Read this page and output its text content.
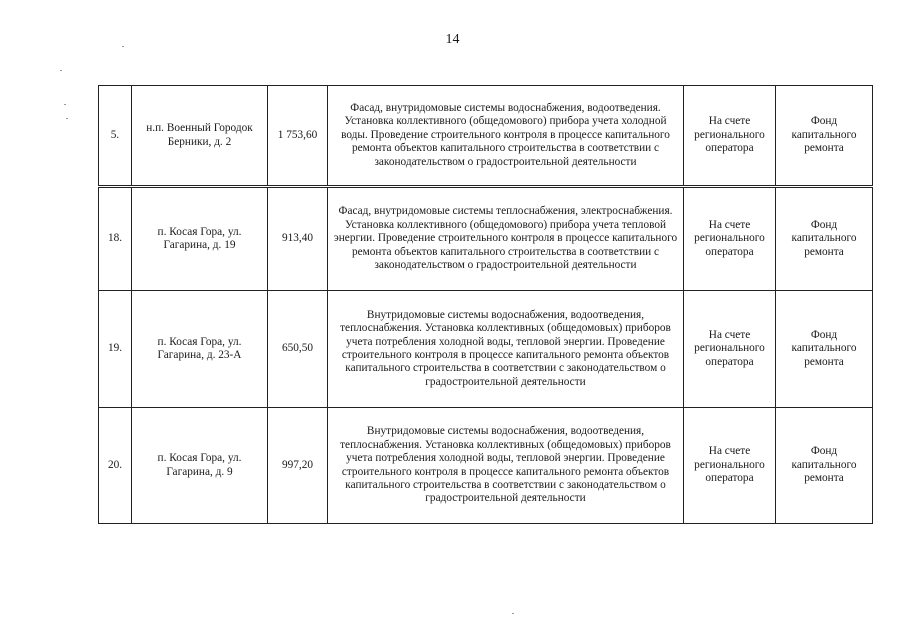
14
5.	н.п. Военный Городок Берники, д. 2	1 753,60	Фасад, внутридомовые системы водоснабжения, водоотведения. Установка коллективного (общедомового) прибора учета холодной воды. Проведение строительного контроля в процессе капитального ремонта объектов капитального строительства в соответствии с законодательством о градостроительной деятельности	На счете регионального оператора	Фонд капитального ремонта
18.	п. Косая Гора, ул. Гагарина, д. 19	913,40	Фасад, внутридомовые системы теплоснабжения, электроснабжения. Установка коллективного (общедомового) прибора учета тепловой энергии. Проведение строительного контроля в процессе капитального ремонта объектов капитального строительства в соответствии с законодательством о градостроительной деятельности	На счете регионального оператора	Фонд капитального ремонта
19.	п. Косая Гора, ул. Гагарина, д. 23-А	650,50	Внутридомовые системы водоснабжения, водоотведения, теплоснабжения. Установка коллективных (общедомовых) приборов учета потребления холодной воды, тепловой энергии. Проведение строительного контроля в процессе капитального ремонта объектов капитального строительства в соответствии с законодательством о градостроительной деятельности	На счете регионального оператора	Фонд капитального ремонта
20.	п. Косая Гора, ул. Гагарина, д. 9	997,20	Внутридомовые системы водоснабжения, водоотведения, теплоснабжения. Установка коллективных (общедомовых) приборов учета потребления холодной воды, тепловой энергии. Проведение строительного контроля в процессе капитального ремонта объектов капитального строительства в соответствии с законодательством о градостроительной деятельности	На счете регионального оператора	Фонд капитального ремонта
